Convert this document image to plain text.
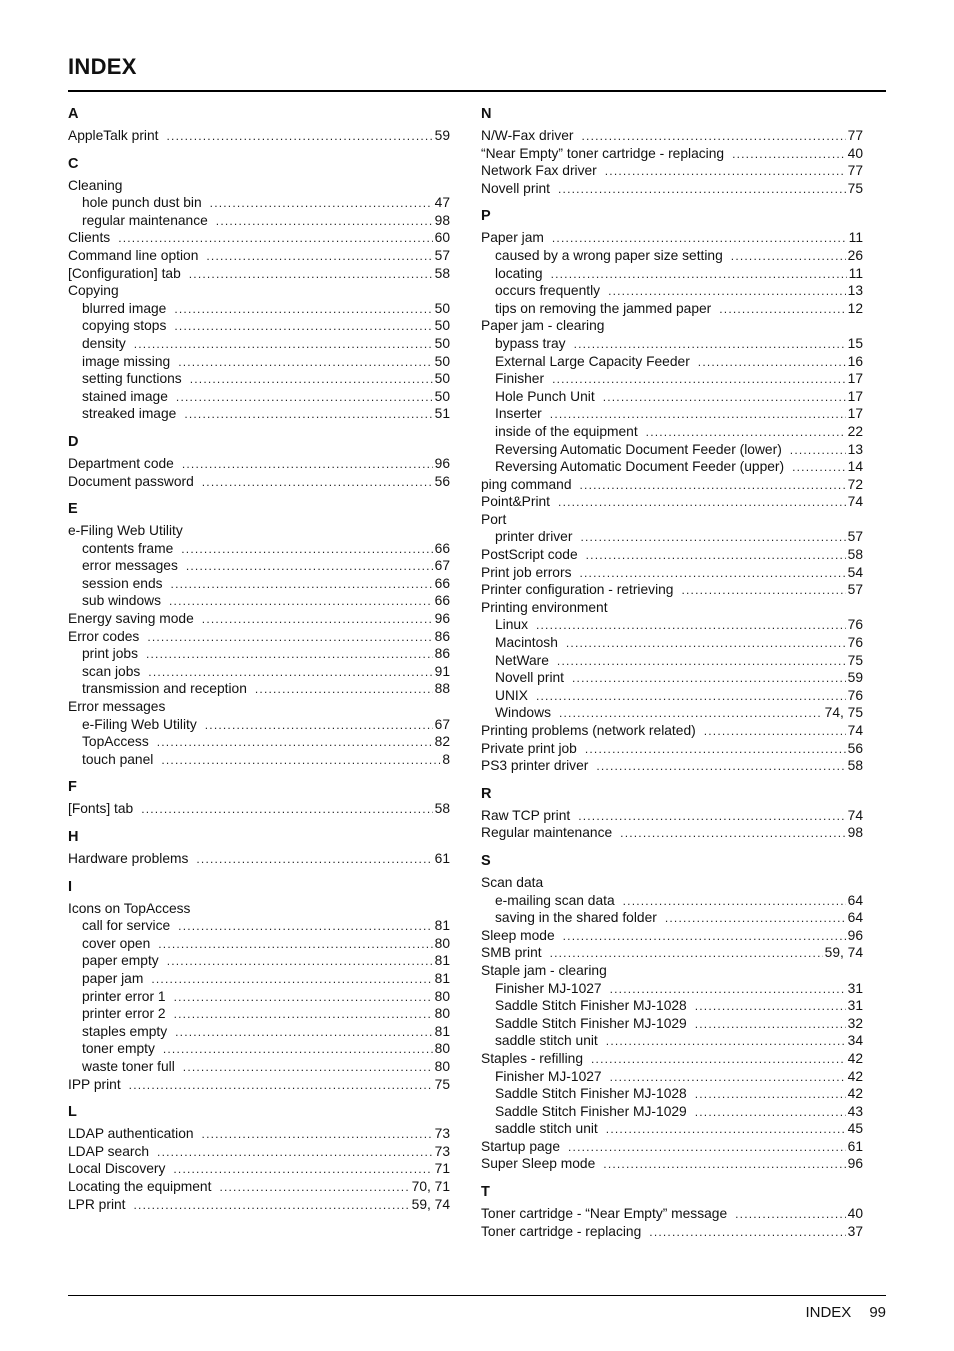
INDEX
A
AppleTalk print .....	59
C
Cleaning
hole punch dust bin .....	47
regular maintenance .....	98
Clients .....	60
Command line option .....	57
[Configuration] tab .....	58
Copying
blurred image .....	50
copying stops .....	50
density .....	50
image missing .....	50
setting functions .....	50
stained image .....	50
streaked image .....	51
D
Department code .....	96
Document password .....	56
E
e-Filing Web Utility
contents frame .....	66
error messages .....	67
session ends .....	66
sub windows .....	66
Energy saving mode .....	96
Error codes .....	86
print jobs .....	86
scan jobs .....	91
transmission and reception .....	88
Error messages
e-Filing Web Utility .....	67
TopAccess .....	82
touch panel .....	8
F
[Fonts] tab .....	58
H
Hardware problems .....	61
I
Icons on TopAccess
call for service .....	81
cover open .....	80
paper empty .....	81
paper jam .....	81
printer error 1 .....	80
printer error 2 .....	80
staples empty .....	81
toner empty .....	80
waste toner full .....	80
IPP print .....	75
L
LDAP authentication .....	73
LDAP search .....	73
Local Discovery .....	71
Locating the equipment .....	70, 71
LPR print .....	59, 74
N
N/W-Fax driver .....	77
“Near Empty” toner cartridge - replacing .....	40
Network Fax driver .....	77
Novell print .....	75
P
Paper jam .....	11
caused by a wrong paper size setting .....	26
locating .....	11
occurs frequently .....	13
tips on removing the jammed paper .....	12
Paper jam - clearing
bypass tray .....	15
External Large Capacity Feeder .....	16
Finisher .....	17
Hole Punch Unit .....	17
Inserter .....	17
inside of the equipment .....	22
Reversing Automatic Document Feeder (lower) .....	13
Reversing Automatic Document Feeder (upper) .....	14
ping command .....	72
Point&Print .....	74
Port
printer driver .....	57
PostScript code .....	58
Print job errors .....	54
Printer configuration - retrieving .....	57
Printing environment
Linux .....	76
Macintosh .....	76
NetWare .....	75
Novell print .....	59
UNIX .....	76
Windows .....	74, 75
Printing problems (network related) .....	74
Private print job .....	56
PS3 printer driver .....	58
R
Raw TCP print .....	74
Regular maintenance .....	98
S
Scan data
e-mailing scan data .....	64
saving in the shared folder .....	64
Sleep mode .....	96
SMB print .....	59, 74
Staple jam - clearing
Finisher MJ-1027 .....	31
Saddle Stitch Finisher MJ-1028 .....	31
Saddle Stitch Finisher MJ-1029 .....	32
saddle stitch unit .....	34
Staples - refilling .....	42
Finisher MJ-1027 .....	42
Saddle Stitch Finisher MJ-1028 .....	42
Saddle Stitch Finisher MJ-1029 .....	43
saddle stitch unit .....	45
Startup page .....	61
Super Sleep mode .....	96
T
Toner cartridge - “Near Empty” message .....	40
Toner cartridge - replacing .....	37
INDEX 99
